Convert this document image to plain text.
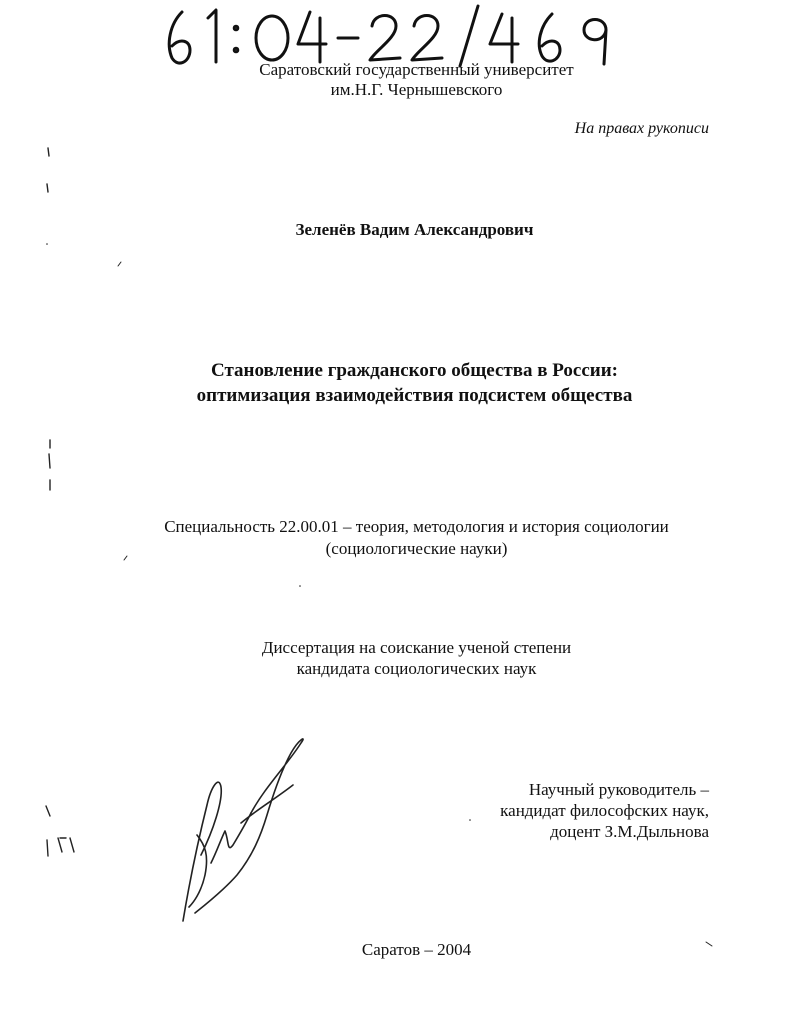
Саратовский государственный университет
им.Н.Г. Чернышевского
На правах рукописи
Зеленёв Вадим Александрович
Становление гражданского общества в России:
оптимизация взаимодействия подсистем общества
Специальность 22.00.01 – теория, методология и история социологии
(социологические науки)
Диссертация на соискание ученой степени
кандидата социологических наук
Научный руководитель –
кандидат философских наук,
доцент З.М.Дыльнова
Саратов – 2004
